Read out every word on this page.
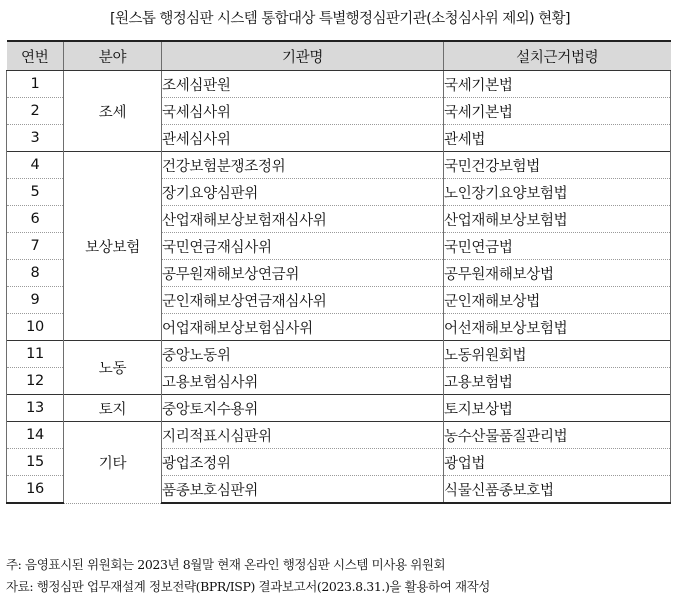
[원스톱 행정심판 시스템 통합대상 특별행정심판기관(소청심사위 제외) 현황]
연번	분야	기관명	설치근거법령
1	조세	조세심판원	국세기본법
2		국세심사위	국세기본법
3		관세심사위	관세법
4	보상보험	건강보험분쟁조정위	국민건강보험법
5		장기요양심판위	노인장기요양보험법
6		산업재해보상보험재심사위	산업재해보상보험법
7		국민연금재심사위	국민연금법
8		공무원재해보상연금위	공무원재해보상법
9		군인재해보상연금재심사위	군인재해보상법
10		어업재해보상보험심사위	어선재해보상보험법
11	노동	중앙노동위	노동위원회법
12		고용보험심사위	고용보험법
13	토지	중앙토지수용위	토지보상법
14	기타	지리적표시심판위	농수산물품질관리법
15		광업조정위	광업법
16		품종보호심판위	식물신품종보호법
주: 음영표시된 위원회는 2023년 8월말 현재 온라인 행정심판 시스템 미사용 위원회
자료: 행정심판 업무재설계 정보전략(BPR/ISP) 결과보고서(2023.8.31.)을 활용하여 재작성
